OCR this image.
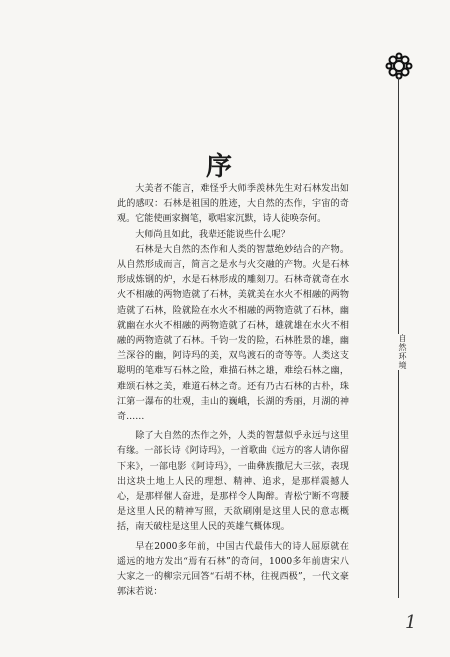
自然环境
1
序

大美者不能言，难怪乎大师季羡林先生对石林发出如此的感叹：石林是祖国的胜迹，大自然的杰作，宇宙的奇观。它能使画家搁笔，歌唱家沉默，诗人徒唤奈何。

大师尚且如此，我辈还能说些什么呢？

石林是大自然的杰作和人类的智慧绝妙结合的产物。从自然形成而言，简言之是水与火交融的产物。火是石林形成炼钢的炉，水是石林形成的雕刻刀。石林奇就奇在水火不相融的两物造就了石林，美就美在水火不相融的两物造就了石林，险就险在水火不相融的两物造就了石林，幽就幽在水火不相融的两物造就了石林，雄就雄在水火不相融的两物造就了石林。千钧一发的险，石林胜景的雄，幽兰深谷的幽，阿诗玛的美，双鸟渡石的奇等等。人类这支聪明的笔难写石林之险，难描石林之雄，难绘石林之幽，难颂石林之美，难道石林之奇。还有乃古石林的古朴，珠江第一瀑布的壮观，圭山的巍峨，长湖的秀丽，月湖的神奇……

除了大自然的杰作之外，人类的智慧似乎永远与这里有缘。一部长诗《阿诗玛》，一首歌曲《远方的客人请你留下来》，一部电影《阿诗玛》，一曲彝族撒尼大三弦，表现出这块土地上人民的理想、精神、追求，是那样震撼人心，是那样催人奋进，是那样令人陶醉。青松宁断不弯腰是这里人民的精神写照，天欲刷刚是这里人民的意志概括，南天破柱是这里人民的英雄气概体现。

早在2000多年前，中国古代最伟大的诗人屈原就在遥远的地方发出“焉有石林”的奇问，1000多年前唐宋八大家之一的柳宗元回答“石胡不林，往视西极”，一代文豪郭沫若说：
